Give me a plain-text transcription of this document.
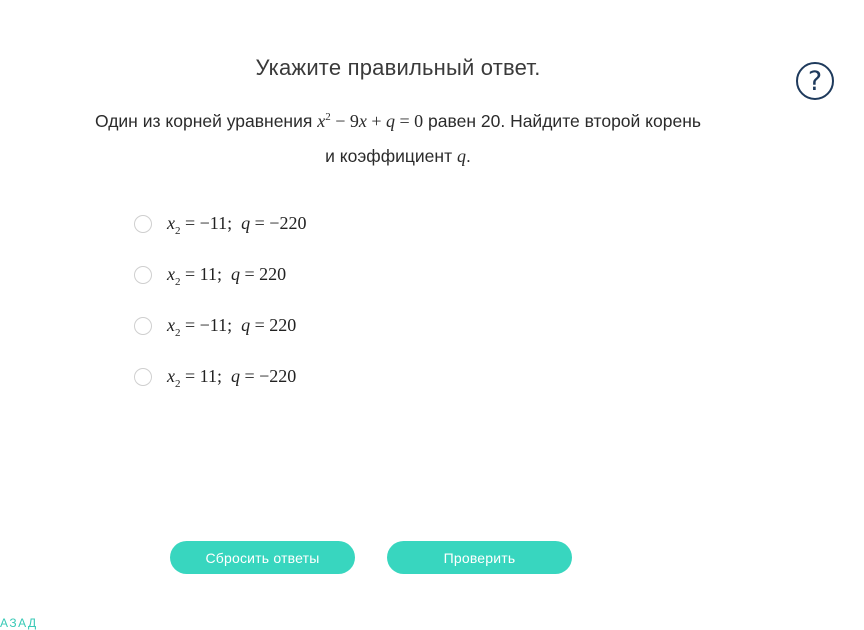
Укажите правильный ответ.	?
Один из корней уравнения $x^2 - 9x + q = 0$ равен 20. Найдите второй корень
и коэффициент q.
$x_2 = -11$;  q = −220
$x_2 = 11$;  q = 220
$x_2 = -11$;  q = 220
$x_2 = 11$;  q = −220
Сбросить ответы	Проверить
АЗАД
